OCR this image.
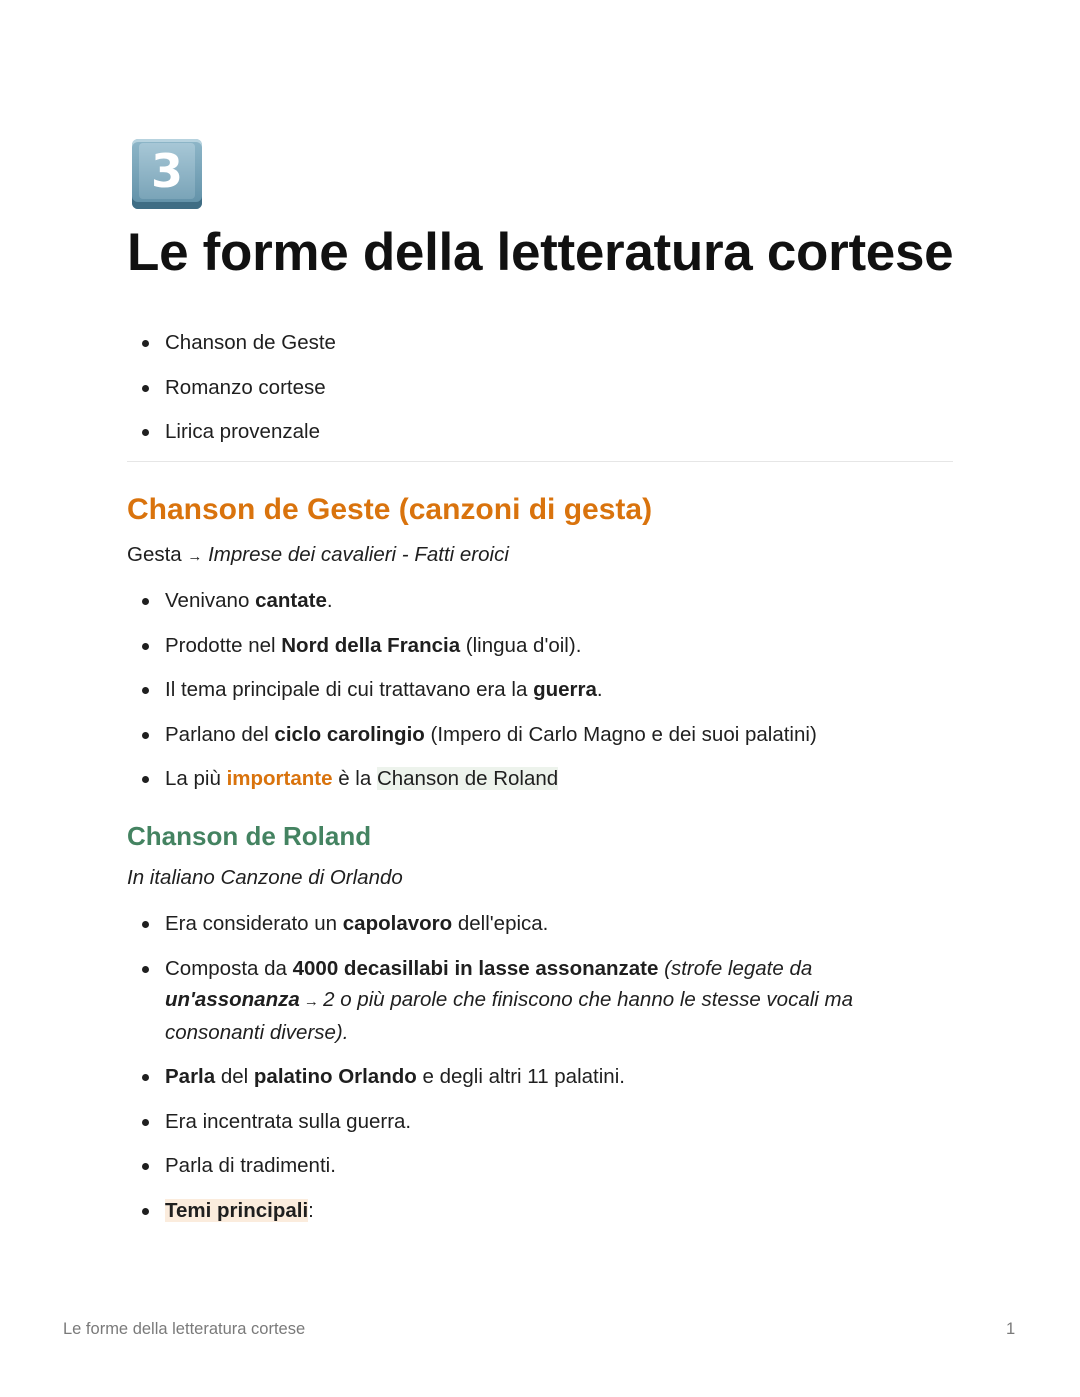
3
Le forme della letteratura cortese
Chanson de Geste
Romanzo cortese
Lirica provenzale
Chanson de Geste (canzoni di gesta)
Gesta → Imprese dei cavalieri - Fatti eroici
Venivano cantate.
Prodotte nel Nord della Francia (lingua d'oil).
Il tema principale di cui trattavano era la guerra.
Parlano del ciclo carolingio (Impero di Carlo Magno e dei suoi palatini)
La più importante è la Chanson de Roland
Chanson de Roland
In italiano Canzone di Orlando
Era considerato un capolavoro dell'epica.
Composta da 4000 decasillabi in lasse assonanzate (strofe legate da un'assonanza → 2 o più parole che finiscono che hanno le stesse vocali ma consonanti diverse).
Parla del palatino Orlando e degli altri 11 palatini.
Era incentrata sulla guerra.
Parla di tradimenti.
Temi principali:
Le forme della letteratura cortese	1
